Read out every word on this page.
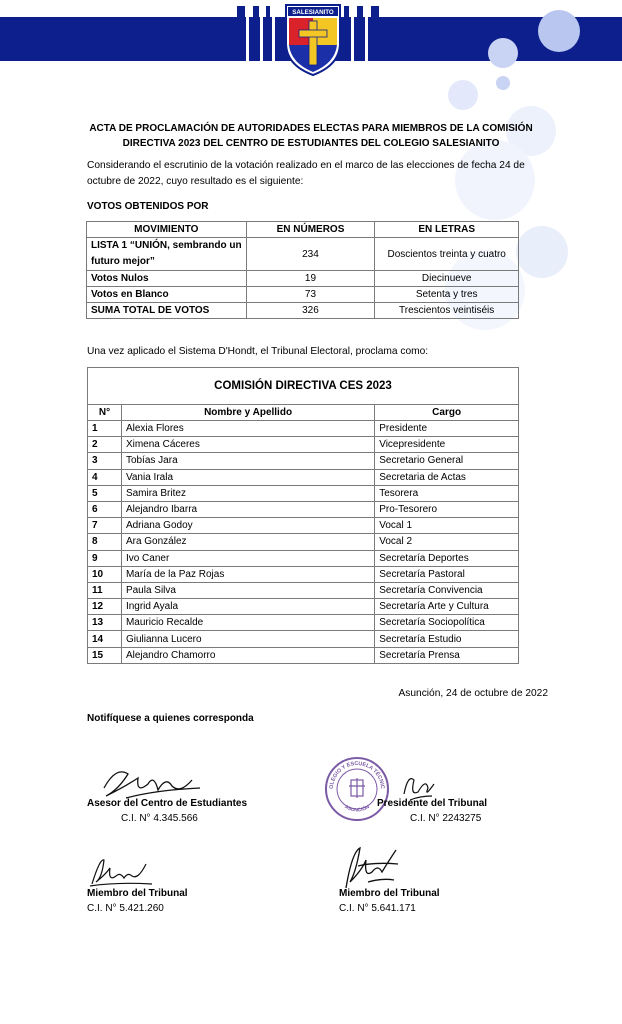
SALESIANITO
ACTA DE PROCLAMACIÓN DE AUTORIDADES ELECTAS PARA MIEMBROS DE LA COMISIÓN
DIRECTIVA 2023 DEL CENTRO DE ESTUDIANTES DEL COLEGIO SALESIANITO
Considerando el escrutinio de la votación realizado en el marco de las elecciones de fecha 24 de
octubre de 2022, cuyo resultado es el siguiente:
VOTOS OBTENIDOS POR
MOVIMIENTO	EN NÚMEROS	EN LETRAS
LISTA 1 “UNIÓN, sembrando un futuro mejor”	234	Doscientos treinta y cuatro
Votos Nulos	19	Diecinueve
Votos en Blanco	73	Setenta y tres
SUMA TOTAL DE VOTOS	326	Trescientos veintiséis
Una vez aplicado el Sistema D'Hondt, el Tribunal Electoral, proclama como:
COMISIÓN DIRECTIVA CES 2023		
N°	Nombre y Apellido	Cargo
1	Alexia Flores	Presidente
2	Ximena Cáceres	Vicepresidente
3	Tobías Jara	Secretario General
4	Vania Irala	Secretaria de Actas
5	Samira Britez	Tesorera
6	Alejandro Ibarra	Pro-Tesorero
7	Adriana Godoy	Vocal 1
8	Ara González	Vocal 2
9	Ivo Caner	Secretaría Deportes
10	María de la Paz Rojas	Secretaría Pastoral
11	Paula Silva	Secretaría Convivencia
12	Ingrid Ayala	Secretaría Arte y Cultura
13	Mauricio Recalde	Secretaría Sociopolítica
14	Giulianna Lucero	Secretaría Estudio
15	Alejandro Chamorro	Secretaría Prensa
Asunción, 24 de octubre de 2022
Notifíquese a quienes corresponda
Asesor del Centro de Estudiantes
C.I. N° 4.345.566
COLEGIO Y ESCUELA TÉCNICA
ASUNCIÓN Presidente del Tribunal
C.I. N° 2243275
Miembro del Tribunal
C.I. N° 5.421.260
Miembro del Tribunal
C.I. N° 5.641.171
